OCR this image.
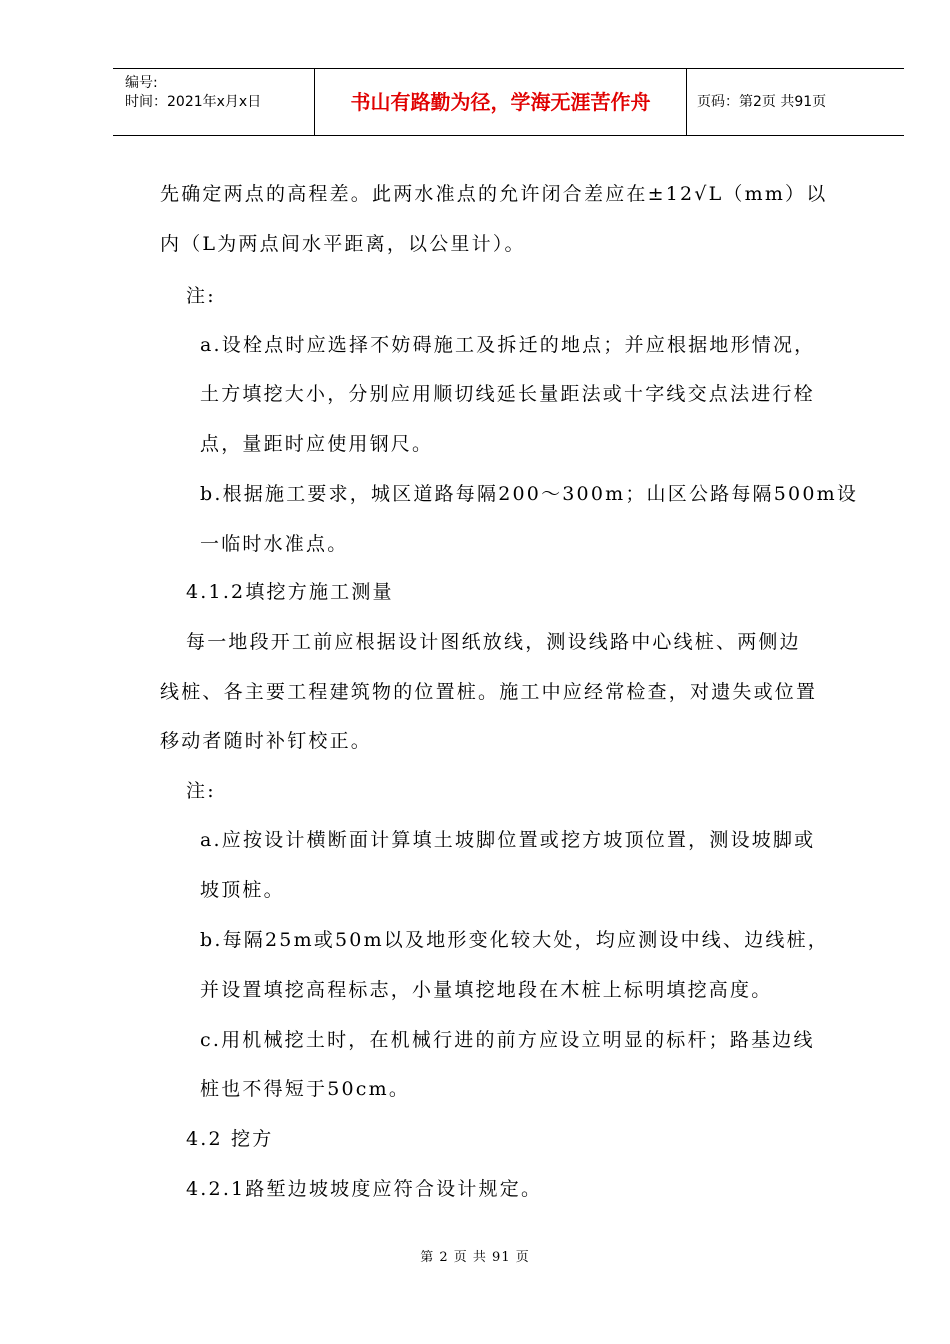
编号:
时间：2021年x月x日	书山有路勤为径，学海无涯苦作舟	页码：第2页 共91页
先确定两点的高程差。此两水准点的允许闭合差应在±12√L（mm）以
内（L为两点间水平距离，以公里计）。
注:
a.设栓点时应选择不妨碍施工及拆迁的地点；并应根据地形情况，
土方填挖大小，分别应用顺切线延长量距法或十字线交点法进行栓
点，量距时应使用钢尺。
b.根据施工要求，城区道路每隔200～300m；山区公路每隔500m设
一临时水准点。
4.1.2填挖方施工测量
每一地段开工前应根据设计图纸放线，测设线路中心线桩、两侧边
线桩、各主要工程建筑物的位置桩。施工中应经常检查，对遗失或位置
移动者随时补钉校正。
注:
a.应按设计横断面计算填土坡脚位置或挖方坡顶位置，测设坡脚或
坡顶桩。
b.每隔25m或50m以及地形变化较大处，均应测设中线、边线桩，
并设置填挖高程标志，小量填挖地段在木桩上标明填挖高度。
c.用机械挖土时，在机械行进的前方应设立明显的标杆；路基边线
桩也不得短于50cm。
4.2 挖方
4.2.1路堑边坡坡度应符合设计规定。
第 2 页 共 91 页
